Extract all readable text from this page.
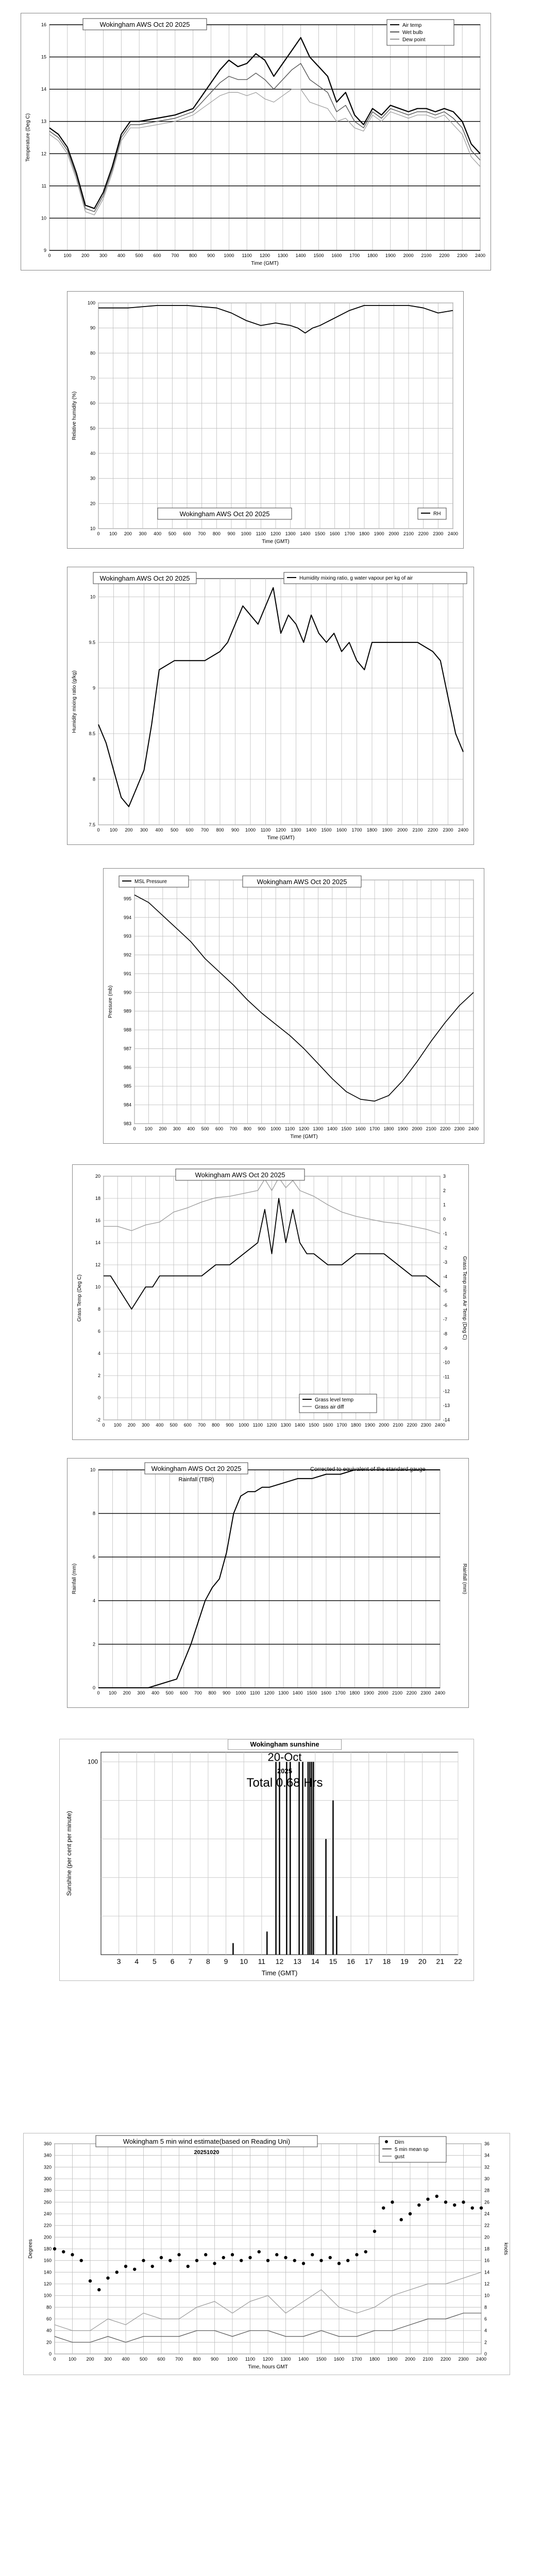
0	100 200 300 400 500 600 700 800 900 1000 1100 1200 1300 1400 1500 1600 1700 1800 1900 2000 2100 2200 2300 2400
9
10
11
12
13
14
15
16
Time (GMT)
Temperature (Deg C)
Wokingham AWS Oct 20 2025	Air temp
Wet bulb
Dew point
0 100 200 300 400 500 600 700 800 900 1000 1100 1200 1300 1400 1500 1600 1700 1800 1900 2000 2100 2200 2300 2400
10
20
30
40
50
60
70
80
90
100
Time (GMT)
Relative humidity (%)
Wokingham AWS Oct 20 2025	RH
0 100 200 300 400 500 600 700 800 900 1000 1100 1200 1300 1400 1500 1600 1700 1800 1900 2000 2100 2200 2300 2400
7.5
8
8.5
9
9.5
10
Time (GMT)
Humidity mixing ratio (g/kg)
Wokingham AWS Oct 20 2025	Humidity mixing ratio, g water vapour per kg of air
0 100 200 300 400 500 600 700 800 900 1000 1100 1200 1300 1400 1500 1600 1700 1800 1900 2000 2100 2200 2300 2400
983
984
985
986
987
988
989
990
991
992
993
994
995
Time (GMT)
Pressure (mb)
Wokingham AWS Oct 20 2025
MSL Pressure
0 100 200 300 400 500 600 700 800 900 1000 1100 1200 1300 1400 1500 1600 1700 1800 1900 2000 2100 2200 2300 2400
-2
0
2
4
6
8
10
12
14
16
18
20
-14
-13
-12
-11
-10
-9
-8
-7
-6
-5
-4
-3
-2
-1
0
1
2
3
Grass Temp (Deg C)	Grass Temp minus Air Temp (Deg C)
Wokingham AWS Oct 20 2025
Grass level temp
Grass air diff
0 100 200 300 400 500 600 700 800 900 1000 1100 1200 1300 1400 1500 1600 1700 1800 1900 2000 2100 2200 2300 2400
0
2
4
6
8
10
Rainfall (mm)	Rainfall (mm)
Wokingham AWS Oct 20 2025
Rainfall (TBR)
Corrected to equivalent of the standard gauge
3 4 5 6 7 8 9 10 11 12 13 14 15 16 17 18 19 20 21 22
100
Time (GMT)
Sunshine (per cent per minute)
Wokingham sunshine
20-Oct
2025
Total 0.68 Hrs
0	100 200 300 400 500 600 700 800 900 1000 1100 1200 1300 1400 1500 1600 1700 1800 1900 2000 2100 2200 2300 2400
0
20
40
60
80
100
120
140
160
180
200
220
240
260
280
300
320
340
360
0
2
4
6
8
10
12
14
16
18
20
22
24
26
28
30
32
34
36
Time, hours GMT
Degrees	knots
Wokingham 5 min wind estimate(based on Reading Uni)
20251020
Dirn
5 min mean sp
gust
